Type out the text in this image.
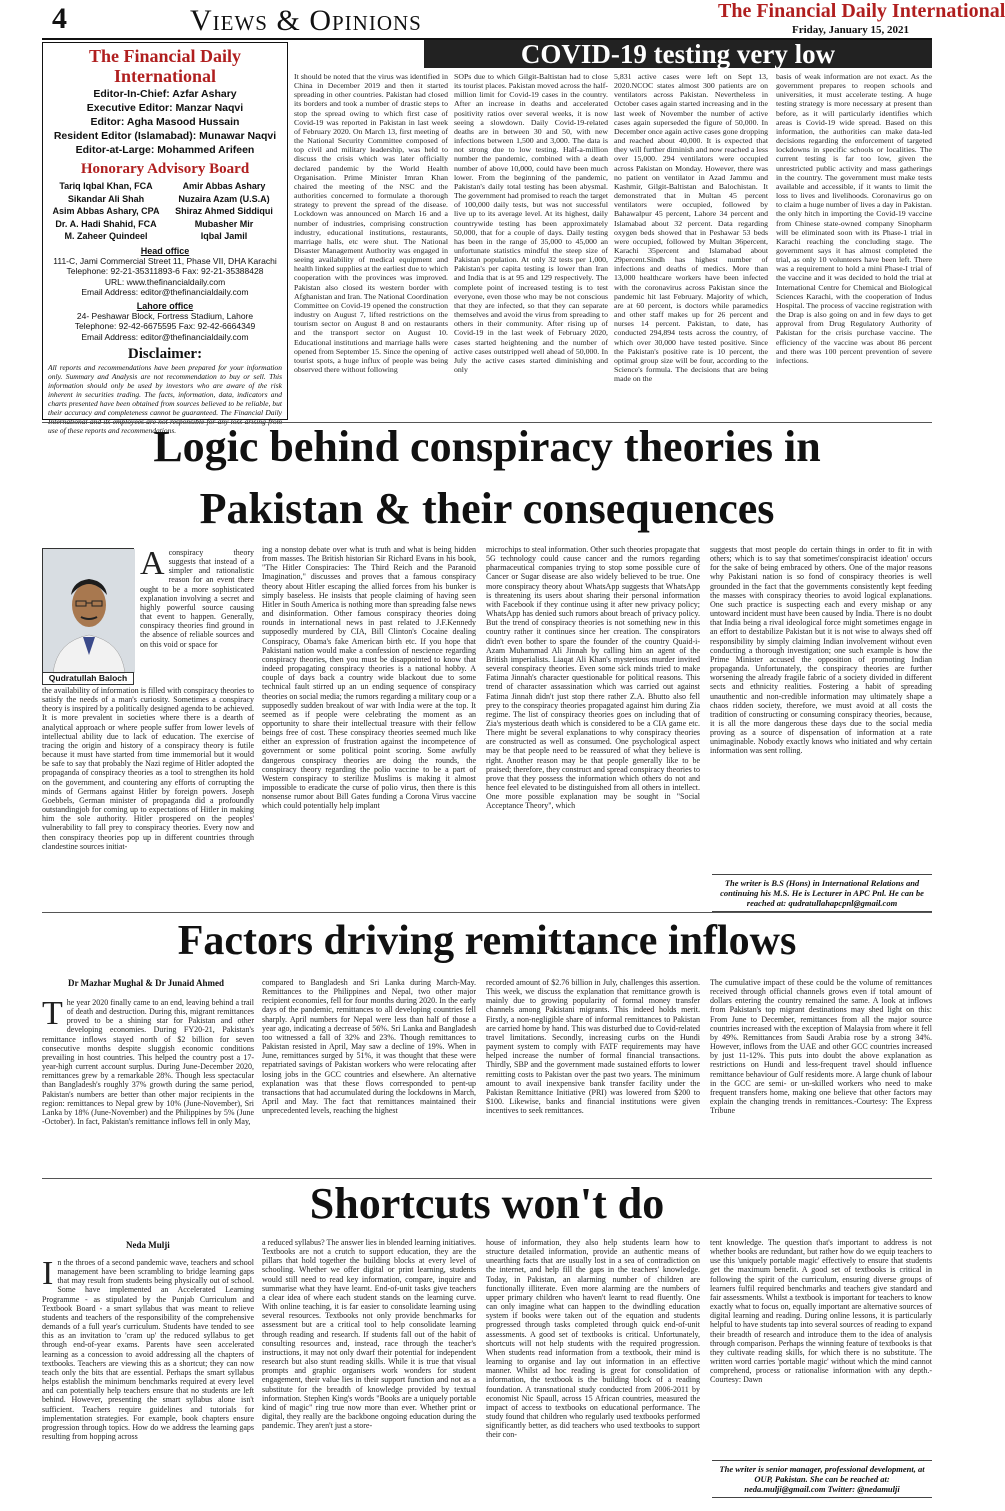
4	Views & Opinions	The Financial Daily International
Friday, January 15, 2021
The Financial Daily International
Editor-In-Chief: Azfar Ashary
Executive Editor: Manzar Naqvi
Editor: Agha Masood Hussain
Resident Editor (Islamabad): Munawar Naqvi
Editor-at-Large: Mohammed Arifeen
Honorary Advisory Board
Tariq Iqbal Khan, FCA	Amir Abbas Ashary
Sikandar Ali Shah	Nuzaira Azam (U.S.A)
Asim Abbas Ashary, CPA	Shiraz Ahmed Siddiqui
Dr. A. Hadi Shahid, FCA	Mubasher Mir
M. Zaheer Quindeel	Iqbal Jamil
Head office
111-C, Jami Commercial Street 11, Phase VII, DHA Karachi
Telephone: 92-21-35311893-6 Fax: 92-21-35388428
URL: www.thefinancialdaily.com
Email Address: editor@thefinancialdaily.com
Lahore office
24- Peshawar Block, Fortress Stadium, Lahore
Telephone: 92-42-6675595 Fax: 92-42-6664349
Email Address: editor@thefinancialdaily.com
Disclaimer:
All reports and recommendations have been prepared for your information only. Summary and Analysis are not recommendation to buy or sell. This information should only be used by investors who are aware of the risk inherent in securities trading. The facts, information, data, indicators and charts presented have been obtained from sources believed to be reliable, but their accuracy and completeness cannot be guaranteed. The Financial Daily use of these reports and recommendations.
COVID-19 testing very low
It should be noted that the virus was identified in China in December 2019 and then it started spreading in other countries. Pakistan had closed its borders and took a number of drastic steps to stop the spread owing to which first case of Covid-19 was reported in Pakistan in last week of February 2020. On March 13, first meeting of the National Security Committee composed of top civil and military leadership, was held to discuss the crisis which was later officially declared pandemic by the World Health Organisation. Prime Minister Imran Khan chaired the meeting of the NSC and the authorities concerned to formulate a thorough strategy to prevent the spread of the disease. Lockdown was announced on March 16 and a number of industries, comprising construction industry, educational institutions, restaurants, marriage halls, etc were shut. The National Disaster Management Authority was engaged in seeing availability of medical equipment and health linked supplies at the earliest due to which cooperation with the provinces was improved. Pakistan also closed its western border with Afghanistan and Iran. The National Coordination Committee on Covid-19 opened the construction industry on August 7, lifted restrictions on the tourism sector on August 8 and on restaurants and the transport sector on August 10. Educational institutions and marriage halls were opened from September 15. Since the opening of tourist spots, a huge influx of people was being observed there without following
SOPs due to which Gilgit-Baltistan had to close its tourist places. Pakistan moved across the half-million limit for Covid-19 cases in the country. After an increase in deaths and accelerated positivity ratios over several weeks, it is now seeing a slowdown. Daily Covid-19-related deaths are in between 30 and 50, with new infections between 1,500 and 3,000. The data is not strong due to low testing. Half-a-million number the pandemic, combined with a death number of above 10,000, could have been much lower. From the beginning of the pandemic, Pakistan's daily total testing has been abysmal. The government had promised to reach the target of 100,000 daily tests, but was not successful live up to its average level. At its highest, daily countrywide testing has been approximately 50,000, that for a couple of days. Daily testing has been in the range of 35,000 to 45,000 an unfortunate statistics mindful the steep size of Pakistan population. At only 32 tests per 1,000, Pakistan's per capita testing is lower than Iran and India that is at 95 and 129 respectively. The complete point of increased testing is to test everyone, even those who may be not conscious that they are infected, so that they can separate themselves and avoid the virus from spreading to others in their community. After rising up of Covid-19 in the last week of February 2020, cases started heightening and the number of active cases outstripped well ahead of 50,000. In July the active cases started diminishing and only
5,831 active cases were left on Sept 13, 2020.NCOC states almost 300 patients are on ventilators across Pakistan. Nevertheless in October cases again started increasing and in the last week of November the number of active cases again superseded the figure of 50,000. In December once again active cases gone dropping and reached about 40,000. It is expected that they will further diminish and now reached a less over 15,000. 294 ventilators were occupied across Pakistan on Monday. However, there was no patient on ventilator in Azad Jammu and Kashmir, Gilgit-Baltistan and Balochistan. It demonstrated that in Multan 45 percent ventilators were occupied, followed by Bahawalpur 45 percent, Lahore 34 percent and Islamabad about 32 percent. Data regarding oxygen beds showed that in Peshawar 53 beds were occupied, followed by Multan 36percent, Karachi 35percent and Islamabad about 29percent.Sindh has highest number of infections and deaths of medics. More than 13,000 healthcare workers have been infected with the coronavirus across Pakistan since the pandemic hit last February. Majority of which, are at 60 percent, is doctors while paramedics and other staff makes up for 26 percent and nurses 14 percent. Pakistan, to date, has conducted 294,894 tests across the country, of which over 30,000 have tested positive. Since the Pakistan's positive rate is 10 percent, the optimal group size will be four, according to the Science's formula. The decisions that are being made on the
basis of weak information are not exact. As the government prepares to reopen schools and universities, it must accelerate testing. A huge testing strategy is more necessary at present than before, as it will particularly identifies which areas is Covid-19 wide spread. Based on this information, the authorities can make data-led decisions regarding the enforcement of targeted lockdowns in specific schools or localities. The current testing is far too low, given the unrestricted public activity and mass gatherings in the country. The government must make tests available and accessible, if it wants to limit the loss to lives and livelihoods. Coronavirus go on to claim a huge number of lives a day in Pakistan. the only hitch in importing the Covid-19 vaccine from Chinese state-owned company Sinopharm will be eliminated soon with its Phase-1 trial in Karachi reaching the concluding stage. The government says it has almost completed the trial, as only 10 volunteers have been left. There was a requirement to hold a mini Phase-I trial of the vaccine and it was decided to hold the trial at International Centre for Chemical and Biological Sciences Karachi, with the cooperation of Indus Hospital. The process of vaccine registration with the Drap is also going on and in few days to get approval from Drug Regulatory Authority of Pakistan for the crisis purchase vaccine. The efficiency of the vaccine was about 86 percent and there was 100 percent prevention of severe infections.
Logic behind conspiracy theories in
Pakistan & their consequences
Qudratullah Baloch
Aconspiracy theory suggests that instead of a simpler and rationalistic reason for an event there ought to be a more sophisticated explanation involving a secret and highly powerful source causing that event to happen. Generally, conspiracy theories find ground in the absence of reliable sources and on this void or space for
the availability of information is filled with conspiracy theories to satisfy the needs of a man's curiosity. Sometimes a conspiracy theory is inspired by a politically designed agenda to be achieved. It is more prevalent in societies where there is a dearth of analytical approach or where people suffer from lower levels of intellectual ability due to lack of education. The exercise of tracing the origin and history of a conspiracy theory is futile because it must have started from time immemorial but it would be safe to say that probably the Nazi regime of Hitler adopted the propaganda of conspiracy theories as a tool to strengthen its hold on the government, and countering any efforts of corrupting the minds of Germans against Hitler by foreign powers. Joseph Goebbels, German minister of propaganda did a profoundly outstandingjob for coming up to expectations of Hitler in making him the sole authority. Hitler prospered on the peoples' vulnerability to fall prey to conspiracy theories. Every now and then conspiracy theories pop up in different countries through clandestine sources initiat-
ing a nonstop debate over what is truth and what is being hidden from masses. The British historian Sir Richard Evans in his book, "The Hitler Conspiracies: The Third Reich and the Paranoid Imagination," discusses and proves that a famous conspiracy theory about Hitler escaping the allied forces from his bunker is simply baseless. He insists that people claiming of having seen Hitler in South America is nothing more than spreading false news and disinformation. Other famous conspiracy theories doing rounds in international news in past related to J.F.Kennedy supposedly murdered by CIA, Bill Clinton's Cocaine dealing Conspiracy, Obama's fake American birth etc. If you hope that Pakistani nation would make a confession of nescience regarding conspiracy theories, then you must be disappointed to know that indeed propagating conspiracy theories is a national hobby. A couple of days back a country wide blackout due to some technical fault stirred up an un ending sequence of conspiracy theories on social media; the rumors regarding a military coup or a supposedly sudden breakout of war with India were at the top. It seemed as if people were celebrating the moment as an opportunity to share their intellectual treasure with their fellow beings free of cost. These conspiracy theories seemed much like either an expression of frustration against the incompetence of government or some political point scoring. Some awfully dangerous conspiracy theories are doing the rounds, the conspiracy theory regarding the polio vaccine to be a part of Western conspiracy to sterilize Muslims is making it almost impossible to eradicate the curse of polio virus, then there is this nonsense rumor about Bill Gates funding a Corona Virus vaccine which could potentially help implant
microchips to steal information. Other such theories propagate that 5G technology could cause cancer and the rumors regarding pharmaceutical companies trying to stop some possible cure of Cancer or Sugar disease are also widely believed to be true. One more conspiracy theory about WhatsApp suggests that WhatsApp is threatening its users about sharing their personal information with Facebook if they continue using it after new privacy policy; WhatsApp has denied such rumors about breach of privacy policy. But the trend of conspiracy theories is not something new in this country rather it continues since her creation. The conspirators didn't even bother to spare the founder of the country Quaid-i-Azam Muhammad Ali Jinnah by calling him an agent of the British imperialists. Liaqat Ali Khan's mysterious murder invited several conspiracy theories. Even some sick minds tried to make Fatima Jinnah's character questionable for political reasons. This trend of character assassination which was carried out against Fatima Jinnah didn't just stop there rather Z.A. Bhutto also fell prey to the conspiracy theories propagated against him during Zia regime. The list of conspiracy theories goes on including that of Zia's mysterious death which is considered to be a CIA game etc. There might be several explanations to why conspiracy theories are constructed as well as consumed. One psychological aspect may be that people need to be reassured of what they believe is right. Another reason may be that people generally like to be praised; therefore, they construct and spread conspiracy theories to prove that they possess the information which others do not and hence feel elevated to be distinguished from all others in intellect. One more possible explanation may be sought in "Social Acceptance Theory", which
suggests that most people do certain things in order to fit in with others; which is to say that sometimes'conspiracist ideation' occurs for the sake of being embraced by others. One of the major reasons why Pakistani nation is so fond of conspiracy theories is well grounded in the fact that the governments consistently kept feeding the masses with conspiracy theories to avoid logical explanations. One such practice is suspecting each and every mishap or any untoward incident must have been caused by India. There is no doubt that India being a rival ideological force might sometimes engage in an effort to destabilize Pakistan but it is not wise to always shed off responsibility by simply claiming Indian involvement without even conducting a thorough investigation; one such example is how the Prime Minister accused the opposition of promoting Indian propaganda. Unfortunately, the conspiracy theories are further worsening the already fragile fabric of a society divided in different sects and ethnicity realities. Fostering a habit of spreading unauthentic and non-credible information may ultimately shape a chaos ridden society, therefore, we must avoid at all costs the tradition of constructing or consuming conspiracy theories, because, it is all the more dangerous these days due to the social media proving as a source of dispensation of information at a rate unimaginable. Nobody exactly knows who initiated and why certain information was sent rolling.
The writer is B.S (Hons) in International Relations and continuing his M.S. He is Lecturer in APC Pnl. He can be reached at: qudratullahapcpnl@gmail.com
Factors driving remittance inflows
Dr Mazhar Mughal & Dr Junaid Ahmed
The year 2020 finally came to an end, leaving behind a trail of death and destruction. During this, migrant remittances proved to be a shining star for Pakistan and other developing economies. During FY20-21, Pakistan's remittance inflows stayed north of $2 billion for seven consecutive months despite sluggish economic conditions prevailing in host countries. This helped the country post a 17-year-high current account surplus. During June-December 2020, remittances grew by a remarkable 28%. Though less spectacular than Bangladesh's roughly 37% growth during the same period, Pakistan's numbers are better than other major recipients in the region: remittances to Nepal grew by 10% (June-November), Sri Lanka by 18% (June-November) and the Philippines by 5% (June -October). In fact, Pakistan's remittance inflows fell in only May,
compared to Bangladesh and Sri Lanka during March-May. Remittances to the Philippines and Nepal, two other major recipient economies, fell for four months during 2020. In the early days of the pandemic, remittances to all developing countries fell sharply. April numbers for Nepal were less than half of those a year ago, indicating a decrease of 56%. Sri Lanka and Bangladesh too witnessed a fall of 32% and 23%. Though remittances to Pakistan resisted in April, May saw a decline of 19%. When in June, remittances surged by 51%, it was thought that these were repatriated savings of Pakistan workers who were relocating after losing jobs in the GCC countries and elsewhere. An alternative explanation was that these flows corresponded to pent-up transactions that had accumulated during the lockdowns in March, April and May. The fact that remittances maintained their unprecedented levels, reaching the highest
recorded amount of $2.76 billion in July, challenges this assertion. This week, we discuss the explanation that remittance growth is mainly due to growing popularity of formal money transfer channels among Pakistani migrants. This indeed holds merit. Firstly, a non-negligible share of informal remittances to Pakistan are carried home by hand. This was disturbed due to Covid-related travel limitations. Secondly, increasing curbs on the Hundi payment system to comply with FATF requirements may have helped increase the number of formal financial transactions. Thirdly, SBP and the government made sustained efforts to lower remitting costs to Pakistan over the past two years. The minimum amount to avail inexpensive bank transfer facility under the Pakistan Remittance Initiative (PRI) was lowered from $200 to $100. Likewise, banks and financial institutions were given incentives to seek remittances.
The cumulative impact of these could be the volume of remittances received through official channels grows even if total amount of dollars entering the country remained the same. A look at inflows from Pakistan's top migrant destinations may shed light on this: From June to December, remittances from all the major source countries increased with the exception of Malaysia from where it fell by 49%. Remittances from Saudi Arabia rose by a strong 34%. However, inflows from the UAE and other GCC countries increased by just 11-12%. This puts into doubt the above explanation as restrictions on Hundi and less-frequent travel should influence remittance behaviour of Gulf residents more. A large chunk of labour in the GCC are semi- or un-skilled workers who need to make frequent transfers home, making one believe that other factors may explain the changing trends in remittances.-Courtesy: The Express Tribune
Shortcuts won't do
Neda Mulji
In the throes of a second pandemic wave, teachers and school management have been scrambling to bridge learning gaps that may result from students being physically out of school. Some have implemented an Accelerated Learning Programme - as stipulated by the Punjab Curriculum and Textbook Board - a smart syllabus that was meant to relieve students and teachers of the responsibility of the comprehensive demands of a full year's curriculum. Students have tended to see this as an invitation to 'cram up' the reduced syllabus to get through end-of-year exams. Parents have seen accelerated learning as a concession to avoid addressing all the chapters of textbooks. Teachers are viewing this as a shortcut; they can now teach only the bits that are essential. Perhaps the smart syllabus helps establish the minimum benchmarks required at every level and can potentially help teachers ensure that no students are left behind. However, presenting the smart syllabus alone isn't sufficient. Teachers require guidelines and tutorials for implementation strategies. For example, book chapters ensure progression through topics. How do we address the learning gaps resulting from hopping across
a reduced syllabus? The answer lies in blended learning initiatives. Textbooks are not a crutch to support education, they are the pillars that hold together the building blocks at every level of schooling. Whether we offer digital or print learning, students would still need to read key information, compare, inquire and summarise what they have learnt. End-of-unit tasks give teachers a clear idea of where each student stands on the learning curve. With online teaching, it is far easier to consolidate learning using several resources. Textbooks not only provide benchmarks for assessment but are a critical tool to help consolidate learning through reading and research. If students fall out of the habit of consulting resources and, instead, race through the teacher's instructions, it may not only dwarf their potential for independent research but also stunt reading skills. While it is true that visual prompts and graphic organisers work wonders for student engagement, their value lies in their support function and not as a substitute for the breadth of knowledge provided by textual information. Stephen King's words "Books are a uniquely portable kind of magic" ring true now more than ever. Whether print or digital, they really are the backbone ongoing education during the pandemic. They aren't just a store-
house of information, they also help students learn how to structure detailed information, provide an authentic means of unearthing facts that are usually lost in a sea of contradiction on the internet, and help fill the gaps in the teachers' knowledge. Today, in Pakistan, an alarming number of children are functionally illiterate. Even more alarming are the numbers of upper primary children who haven't learnt to read fluently. One can only imagine what can happen to the dwindling education system if books were taken out of the equation and students progressed through tasks completed through quick end-of-unit assessments. A good set of textbooks is critical. Unfortunately, shortcuts will not help students with the required progression. When students read information from a textbook, their mind is learning to organise and lay out information in an effective manner. Whilst ad hoc reading is great for consolidation of information, the textbook is the building block of a reading foundation. A transnational study conducted from 2006-2011 by economist Nic Spaull, across 15 African countries, measured the impact of access to textbooks on educational performance. The study found that children who regularly used textbooks performed significantly better, as did teachers who used textbooks to support their con-
tent knowledge. The question that's important to address is not whether books are redundant, but rather how do we equip teachers to use this 'uniquely portable magic' effectively to ensure that students get the maximum benefit. A good set of textbooks is critical in following the spirit of the curriculum, ensuring diverse groups of learners fulfil required benchmarks and teachers give standard and fair assessments. Whilst a textbook is important for teachers to know exactly what to focus on, equally important are alternative sources of digital learning and reading. During online lessons, it is particularly helpful to have students tap into several sources of reading to expand their breadth of research and introduce them to the idea of analysis through comparison. Perhaps the winning feature of textbooks is that they cultivate reading skills, for which there is no substitute. The written word carries 'portable magic' without which the mind cannot comprehend, process or rationalise information with any depth.-Courtesy: Dawn
The writer is senior manager, professional development, at OUP, Pakistan. She can be reached at: neda.mulji@gmail.com Twitter: @nedamulji
